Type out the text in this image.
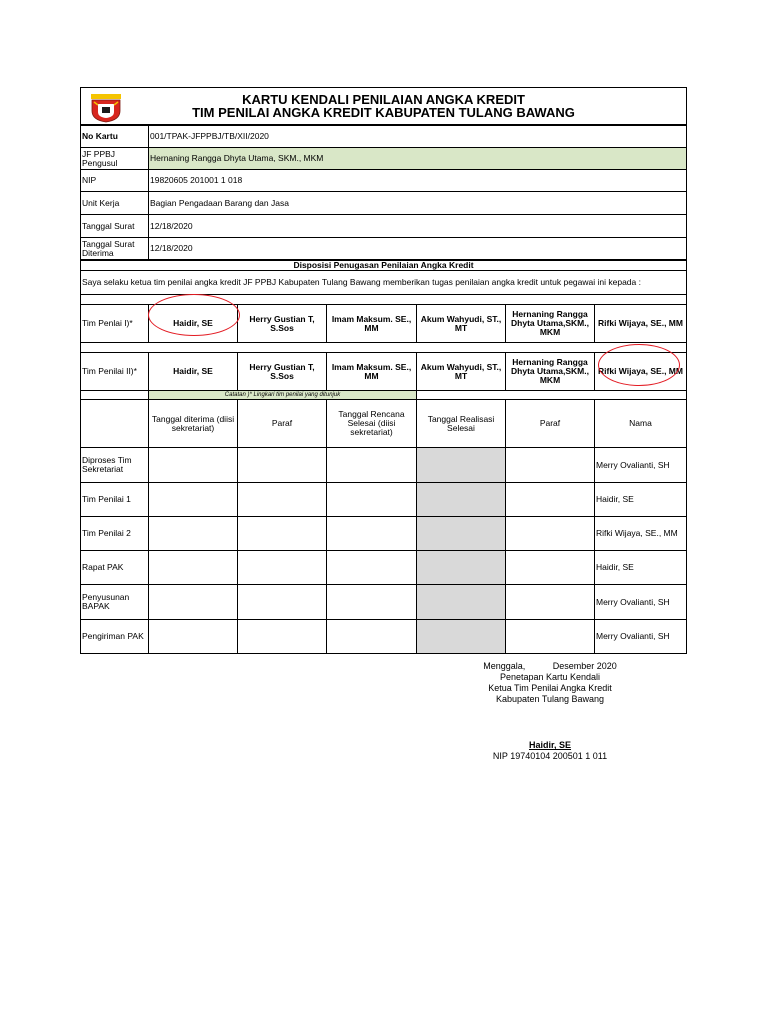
KARTU KENDALI PENILAIAN ANGKA KREDIT
TIM PENILAI ANGKA KREDIT KABUPATEN TULANG BAWANG
No Kartu	001/TPAK-JFPPBJ/TB/XII/2020
JF PPBJ Pengusul	Hernaning Rangga Dhyta Utama, SKM., MKM
NIP	19820605 201001 1 018
Unit Kerja	Bagian Pengadaan Barang dan Jasa
Tanggal Surat	12/18/2020
Tanggal Surat Diterima	12/18/2020
Disposisi Penugasan Penilaian Angka Kredit						
Saya selaku ketua tim penilai angka kredit JF PPBJ Kabupaten Tulang Bawang memberikan tugas penilaian angka kredit untuk pegawai ini kepada :						

Tim Penlai I)*	Haidir, SE	Herry Gustian T, S.Sos	Imam Maksum. SE., MM	Akum Wahyudi, ST., MT	Hernaning Rangga Dhyta Utama,SKM., MKM	Rifki Wijaya, SE., MM

Tim Penilai II)*	Haidir, SE	Herry Gustian T, S.Sos	Imam Maksum. SE., MM	Akum Wahyudi, ST., MT	Hernaning Rangga Dhyta Utama,SKM., MKM	Rifki Wijaya, SE., MM
	Catatan )* Lingkari tim penilai yang ditunjuk					
	Tanggal diterima (diisi sekretariat)	Paraf	Tanggal Rencana Selesai (diisi sekretariat)	Tanggal Realisasi Selesai	Paraf	Nama
Diproses Tim Sekretariat						Merry Ovalianti, SH
Tim Penilai 1						Haidir, SE
Tim Penilai 2						Rifki Wijaya, SE., MM
Rapat PAK						Haidir, SE
Penyusunan BAPAK						Merry Ovalianti, SH
Pengiriman PAK						Merry Ovalianti, SH
Menggala,	Desember 2020
Penetapan Kartu Kendali
Ketua Tim Penilai Angka Kredit
Kabupaten Tulang Bawang
Haidir, SE
NIP 19740104 200501 1 011
